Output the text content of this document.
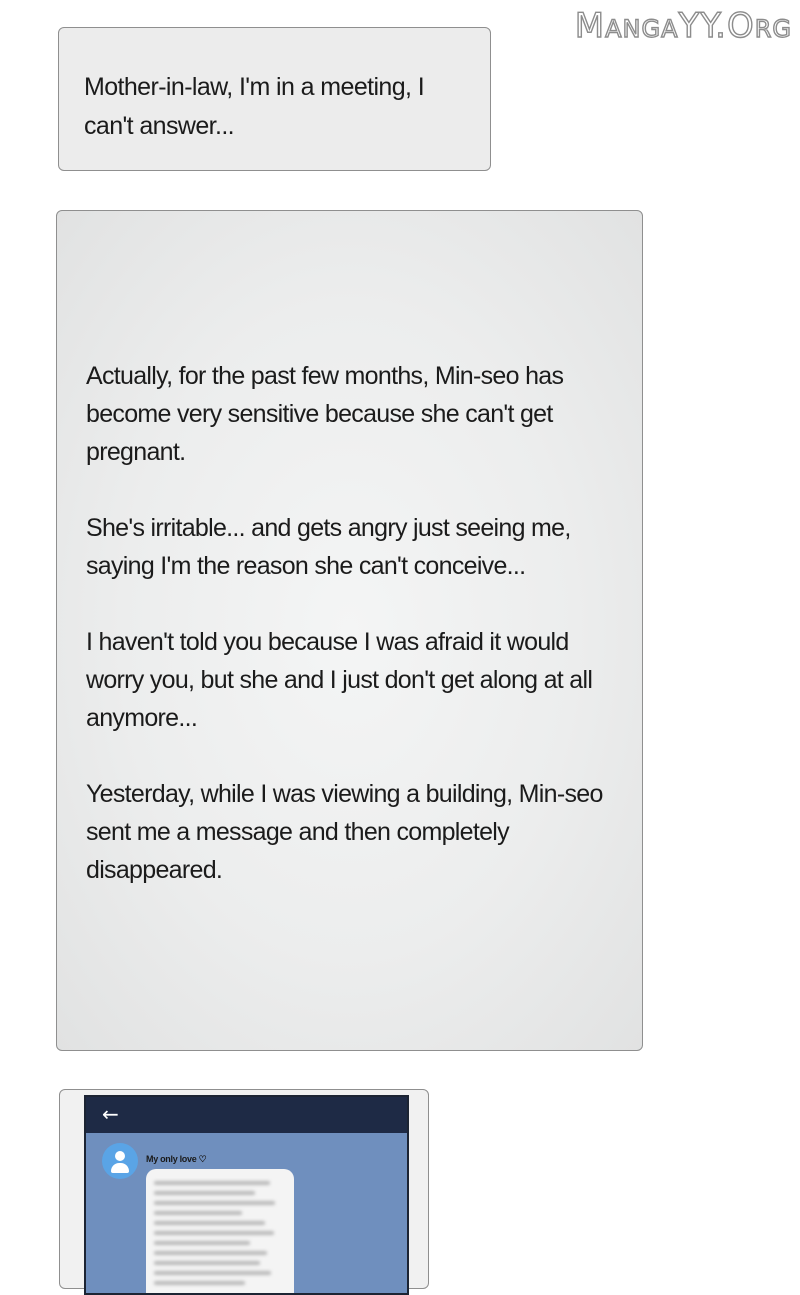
MangaYY.Org
Mother-in-law, I'm in a meeting, I can't answer...

Actually, for the past few months, Min-seo has become very sensitive because she can't get pregnant.

She's irritable... and gets angry just seeing me, saying I'm the reason she can't conceive...

I haven't told you because I was afraid it would worry you, but she and I just don't get along at all anymore...

Yesterday, while I was viewing a building, Min-seo sent me a message and then completely disappeared.

←
My only love ♡
